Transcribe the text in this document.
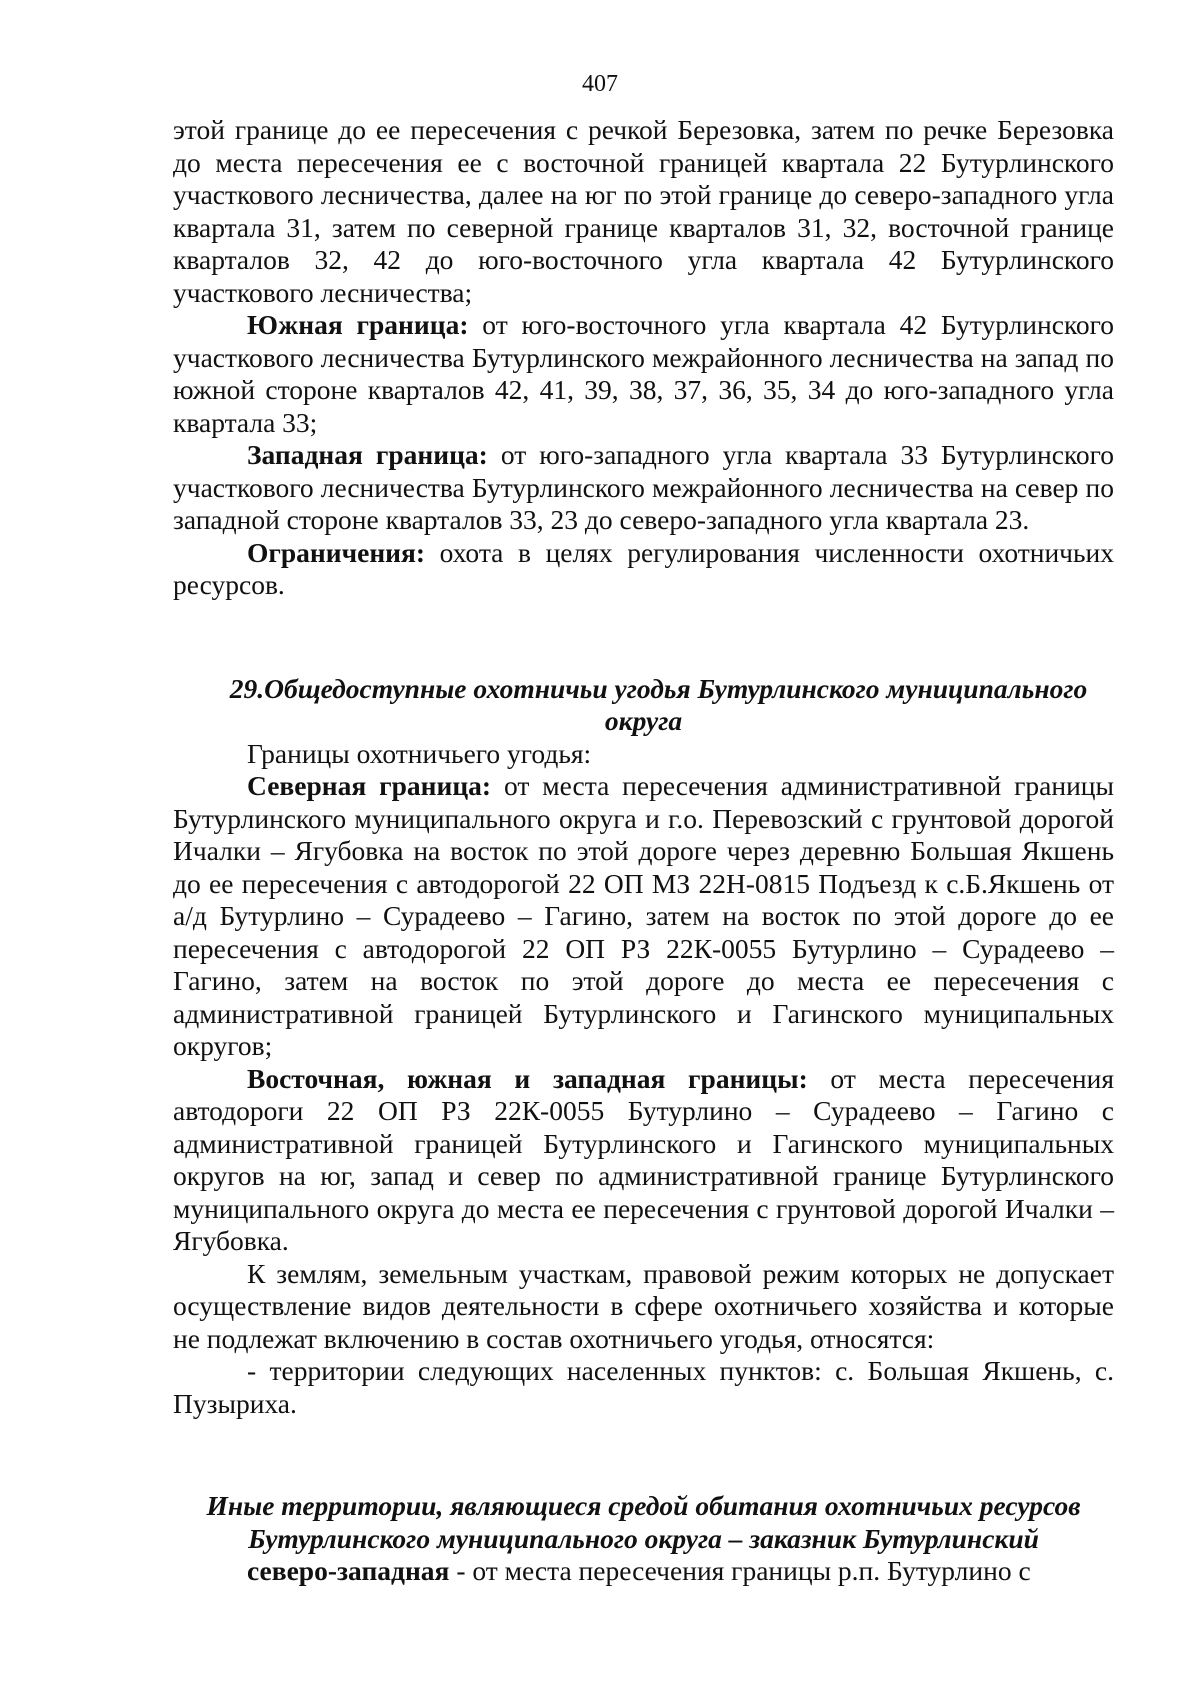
407

этой границе до ее пересечения с речкой Березовка, затем по речке Березовка до места пересечения ее с восточной границей квартала 22 Бутурлинского участкового лесничества, далее на юг по этой границе до северо-западного угла квартала 31, затем по северной границе кварталов 31, 32, восточной границе кварталов 32, 42 до юго-восточного угла квартала 42 Бутурлинского участкового лесничества;

Южная граница: от юго-восточного угла квартала 42 Бутурлинского участкового лесничества Бутурлинского межрайонного лесничества на запад по южной стороне кварталов 42, 41, 39, 38, 37, 36, 35, 34 до юго-западного угла квартала 33;

Западная граница: от юго-западного угла квартала 33 Бутурлинского участкового лесничества Бутурлинского межрайонного лесничества на север по западной стороне кварталов 33, 23 до северо-западного угла квартала 23.

Ограничения: охота в целях регулирования численности охотничьих ресурсов.

29.Общедоступные охотничьи угодья Бутурлинского муниципального

округа

Границы охотничьего угодья:

Северная граница: от места пересечения административной границы Бутурлинского муниципального округа и г.о. Перевозский с грунтовой дорогой Ичалки – Ягубовка на восток по этой дороге через деревню Большая Якшень до ее пересечения с автодорогой 22 ОП МЗ 22Н-0815 Подъезд к с.Б.Якшень от а/д Бутурлино – Сурадеево – Гагино, затем на восток по этой дороге до ее пересечения с автодорогой 22 ОП РЗ 22К-0055 Бутурлино – Сурадеево – Гагино, затем на восток по этой дороге до места ее пересечения с административной границей Бутурлинского и Гагинского муниципальных округов;

Восточная, южная и западная границы: от места пересечения автодороги 22 ОП РЗ 22К-0055 Бутурлино – Сурадеево – Гагино с административной границей Бутурлинского и Гагинского муниципальных округов на юг, запад и север по административной границе Бутурлинского муниципального округа до места ее пересечения с грунтовой дорогой Ичалки – Ягубовка.

К землям, земельным участкам, правовой режим которых не допускает осуществление видов деятельности в сфере охотничьего хозяйства и которые не подлежат включению в состав охотничьего угодья, относятся:

- территории следующих населенных пунктов: с. Большая Якшень, с. Пузыриха.

Иные территории, являющиеся средой обитания охотничьих ресурсов

Бутурлинского муниципального округа – заказник Бутурлинский

северо-западная - от места пересечения границы р.п. Бутурлино с
